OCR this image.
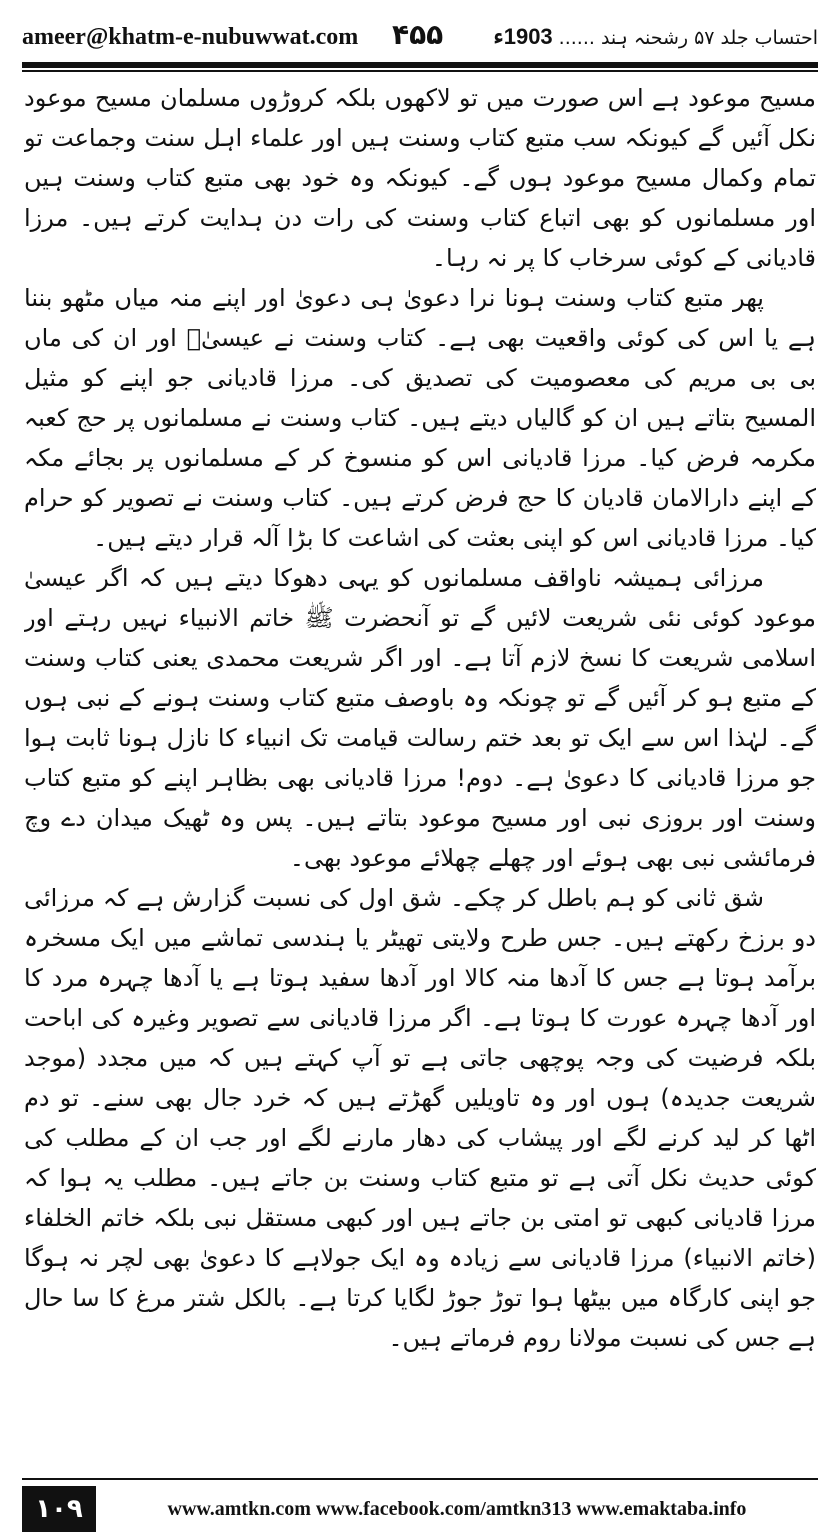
ameer@khatm-e-nubuwwat.com ۴۵۵	احتساب جلد ۵۷ رشحنہ ہند ......
1903ء

مسیح موعود ہے اس صورت میں تو لاکھوں بلکہ کروڑوں مسلمان مسیح موعود نکل آئیں گے کیونکہ سب متبع کتاب وسنت ہیں اور علماء اہل سنت وجماعت تو تمام وکمال مسیح موعود ہوں گے۔ کیونکہ وہ خود بھی متبع کتاب وسنت ہیں اور مسلمانوں کو بھی اتباع کتاب وسنت کی رات دن ہدایت کرتے ہیں۔ مرزا قادیانی کے کوئی سرخاب کا پر نہ رہا۔

پھر متبع کتاب وسنت ہونا نرا دعویٰ ہی دعویٰ اور اپنے منہ میاں مٹھو بننا ہے یا اس کی کوئی واقعیت بھی ہے۔ کتاب وسنت نے عیسیٰؑ اور ان کی ماں بی بی مریم کی معصومیت کی تصدیق کی۔ مرزا قادیانی جو اپنے کو مثیل المسیح بتاتے ہیں ان کو گالیاں دیتے ہیں۔ کتاب وسنت نے مسلمانوں پر حج کعبہ مکرمہ فرض کیا۔ مرزا قادیانی اس کو منسوخ کر کے مسلمانوں پر بجائے مکہ کے اپنے دارالامان قادیان کا حج فرض کرتے ہیں۔ کتاب وسنت نے تصویر کو حرام کیا۔ مرزا قادیانی اس کو اپنی بعثت کی اشاعت کا بڑا آلہ قرار دیتے ہیں۔

مرزائی ہمیشہ ناواقف مسلمانوں کو یہی دھوکا دیتے ہیں کہ اگر عیسیٰ موعود کوئی نئی شریعت لائیں گے تو آنحضرت ﷺ خاتم الانبیاء نہیں رہتے اور اسلامی شریعت کا نسخ لازم آتا ہے۔ اور اگر شریعت محمدی یعنی کتاب وسنت کے متبع ہو کر آئیں گے تو چونکہ وہ باوصف متبع کتاب وسنت ہونے کے نبی ہوں گے۔ لہٰذا اس سے ایک تو بعد ختم رسالت قیامت تک انبیاء کا نازل ہونا ثابت ہوا جو مرزا قادیانی کا دعویٰ ہے۔ دوم! مرزا قادیانی بھی بظاہر اپنے کو متبع کتاب وسنت اور بروزی نبی اور مسیح موعود بتاتے ہیں۔ پس وہ ٹھیک میدان دے وچ فرمائشی نبی بھی ہوئے اور چھلے چھلائے موعود بھی۔

شق ثانی کو ہم باطل کر چکے۔ شق اول کی نسبت گزارش ہے کہ مرزائی دو برزخ رکھتے ہیں۔ جس طرح ولایتی تھیٹر یا ہندسی تماشے میں ایک مسخرہ برآمد ہوتا ہے جس کا آدھا منہ کالا اور آدھا سفید ہوتا ہے یا آدھا چہرہ مرد کا اور آدھا چہرہ عورت کا ہوتا ہے۔ اگر مرزا قادیانی سے تصویر وغیرہ کی اباحت بلکہ فرضیت کی وجہ پوچھی جاتی ہے تو آپ کہتے ہیں کہ میں مجدد (موجد شریعت جدیدہ) ہوں اور وہ تاویلیں گھڑتے ہیں کہ خرد جال بھی سنے۔ تو دم اٹھا کر لید کرنے لگے اور پیشاب کی دھار مارنے لگے اور جب ان کے مطلب کی کوئی حدیث نکل آتی ہے تو متبع کتاب وسنت بن جاتے ہیں۔ مطلب یہ ہوا کہ مرزا قادیانی کبھی تو امتی بن جاتے ہیں اور کبھی مستقل نبی بلکہ خاتم الخلفاء (خاتم الانبیاء) مرزا قادیانی سے زیادہ وہ ایک جولاہے کا دعویٰ بھی لچر نہ ہوگا جو اپنی کارگاہ میں بیٹھا ہوا توڑ جوڑ لگایا کرتا ہے۔ بالکل شتر مرغ کا سا حال ہے جس کی نسبت مولانا روم فرماتے ہیں۔

۱۰۹	www.amtkn.com www.facebook.com/amtkn313 www.emaktaba.info
